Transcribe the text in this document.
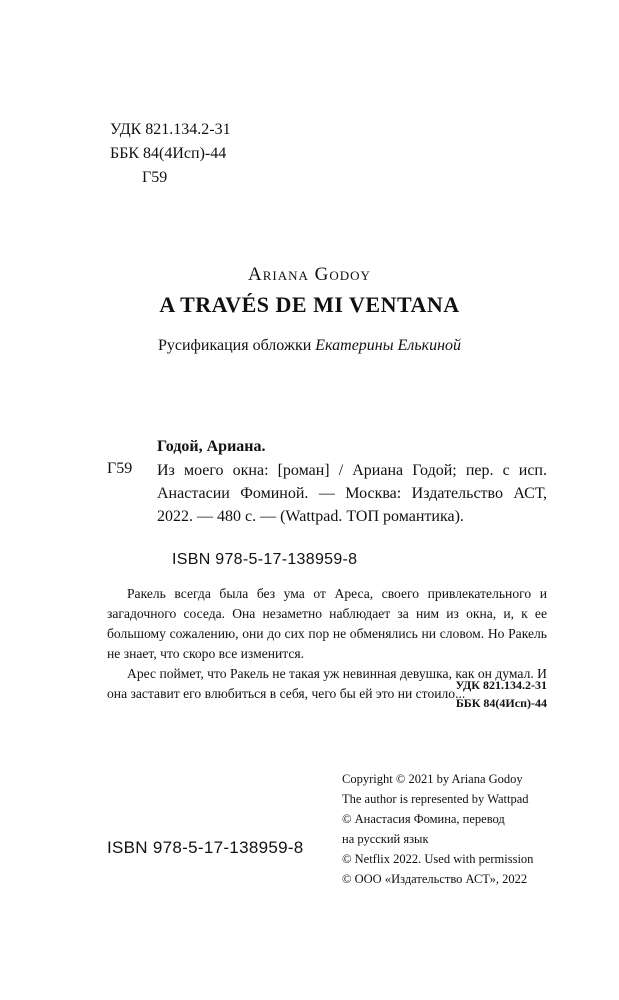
УДК 821.134.2-31
ББК 84(4Исп)-44
Г59
Ariana Godoy
A TRAVÉS DE MI VENTANA
Русификация обложки Екатерины Елькиной
Годой, Ариана.
Г59 Из моего окна: [роман] / Ариана Годой; пер. с исп. Анастасии Фоминой. — Москва: Издательство АСТ, 2022. — 480 с. — (Wattpad. ТОП романтика).

ISBN 978-5-17-138959-8

Ракель всегда была без ума от Ареса, своего привлекательного и загадочного соседа. Она незаметно наблюдает за ним из окна, и, к ее большому сожалению, они до сих пор не обменялись ни словом. Но Ракель не знает, что скоро все изменится.

Арес поймет, что Ракель не такая уж невинная девушка, как он думал. И она заставит его влюбиться в себя, чего бы ей это ни стоило...

УДК 821.134.2-31
ББК 84(4Исп)-44
Copyright © 2021 by Ariana Godoy
The author is represented by Wattpad
© Анастасия Фомина, перевод
на русский язык
© Netflix 2022. Used with permission
© ООО «Издательство АСТ», 2022
ISBN 978-5-17-138959-8
